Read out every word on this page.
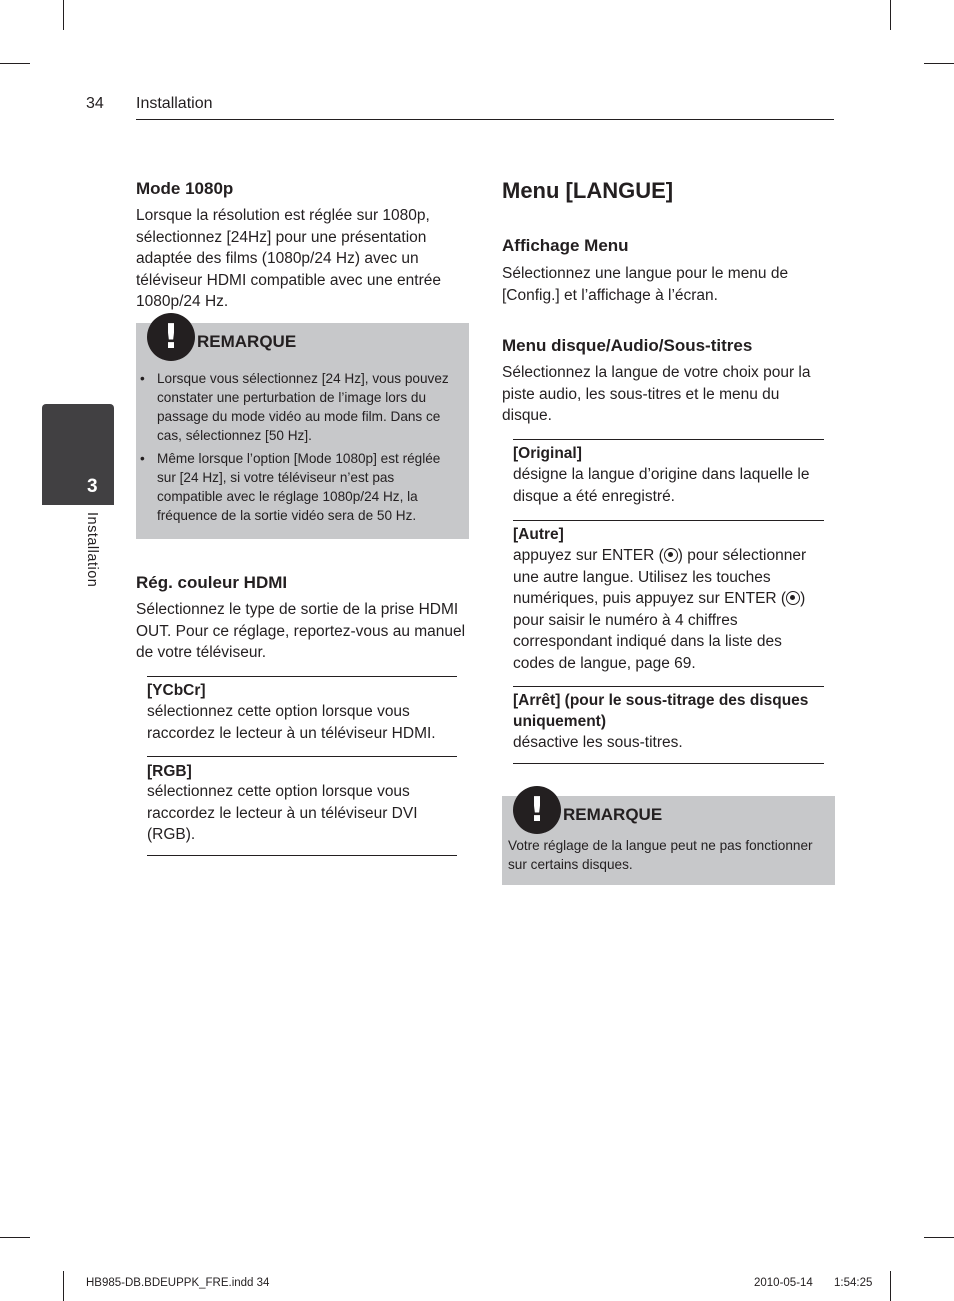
34 Installation
3
Installation
Mode 1080p
Lorsque la résolution est réglée sur 1080p, sélectionnez [24Hz] pour une présentation adaptée des films (1080p/24 Hz) avec un téléviseur HDMI compatible avec une entrée 1080p/24 Hz.
!	REMARQUE
• Lorsque vous sélectionnez [24 Hz], vous pouvez constater une perturbation de l’image lors du passage du mode vidéo au mode film. Dans ce cas, sélectionnez [50 Hz].
• Même lorsque l’option [Mode 1080p] est réglée sur [24 Hz], si votre téléviseur n’est pas compatible avec le réglage 1080p/24 Hz, la fréquence de la sortie vidéo sera de 50 Hz.
Rég. couleur HDMI
Sélectionnez le type de sortie de la prise HDMI OUT. Pour ce réglage, reportez-vous au manuel de votre téléviseur.
[YCbCr]
sélectionnez cette option lorsque vous raccordez le lecteur à un téléviseur HDMI.
[RGB]
sélectionnez cette option lorsque vous raccordez le lecteur à un téléviseur DVI (RGB).
Menu [LANGUE]
Affichage Menu
Sélectionnez une langue pour le menu de [Config.] et l’affichage à l’écran.
Menu disque/Audio/Sous-titres
Sélectionnez la langue de votre choix pour la piste audio, les sous-titres et le menu du disque.
[Original]
désigne la langue d’origine dans laquelle le disque a été enregistré.
[Autre]
appuyez sur ENTER ( ) pour sélectionner une autre langue. Utilisez les touches numériques, puis appuyez sur ENTER ( ) pour saisir le numéro à 4 chiffres correspondant indiqué dans la liste des codes de langue, page 69.
[Arrêt] (pour le sous-titrage des disques uniquement)
désactive les sous-titres.
!	REMARQUE
Votre réglage de la langue peut ne pas fonctionner sur certains disques.
HB985-DB.BDEUPPK_FRE.indd 34	2010-05-14 1:54:25
